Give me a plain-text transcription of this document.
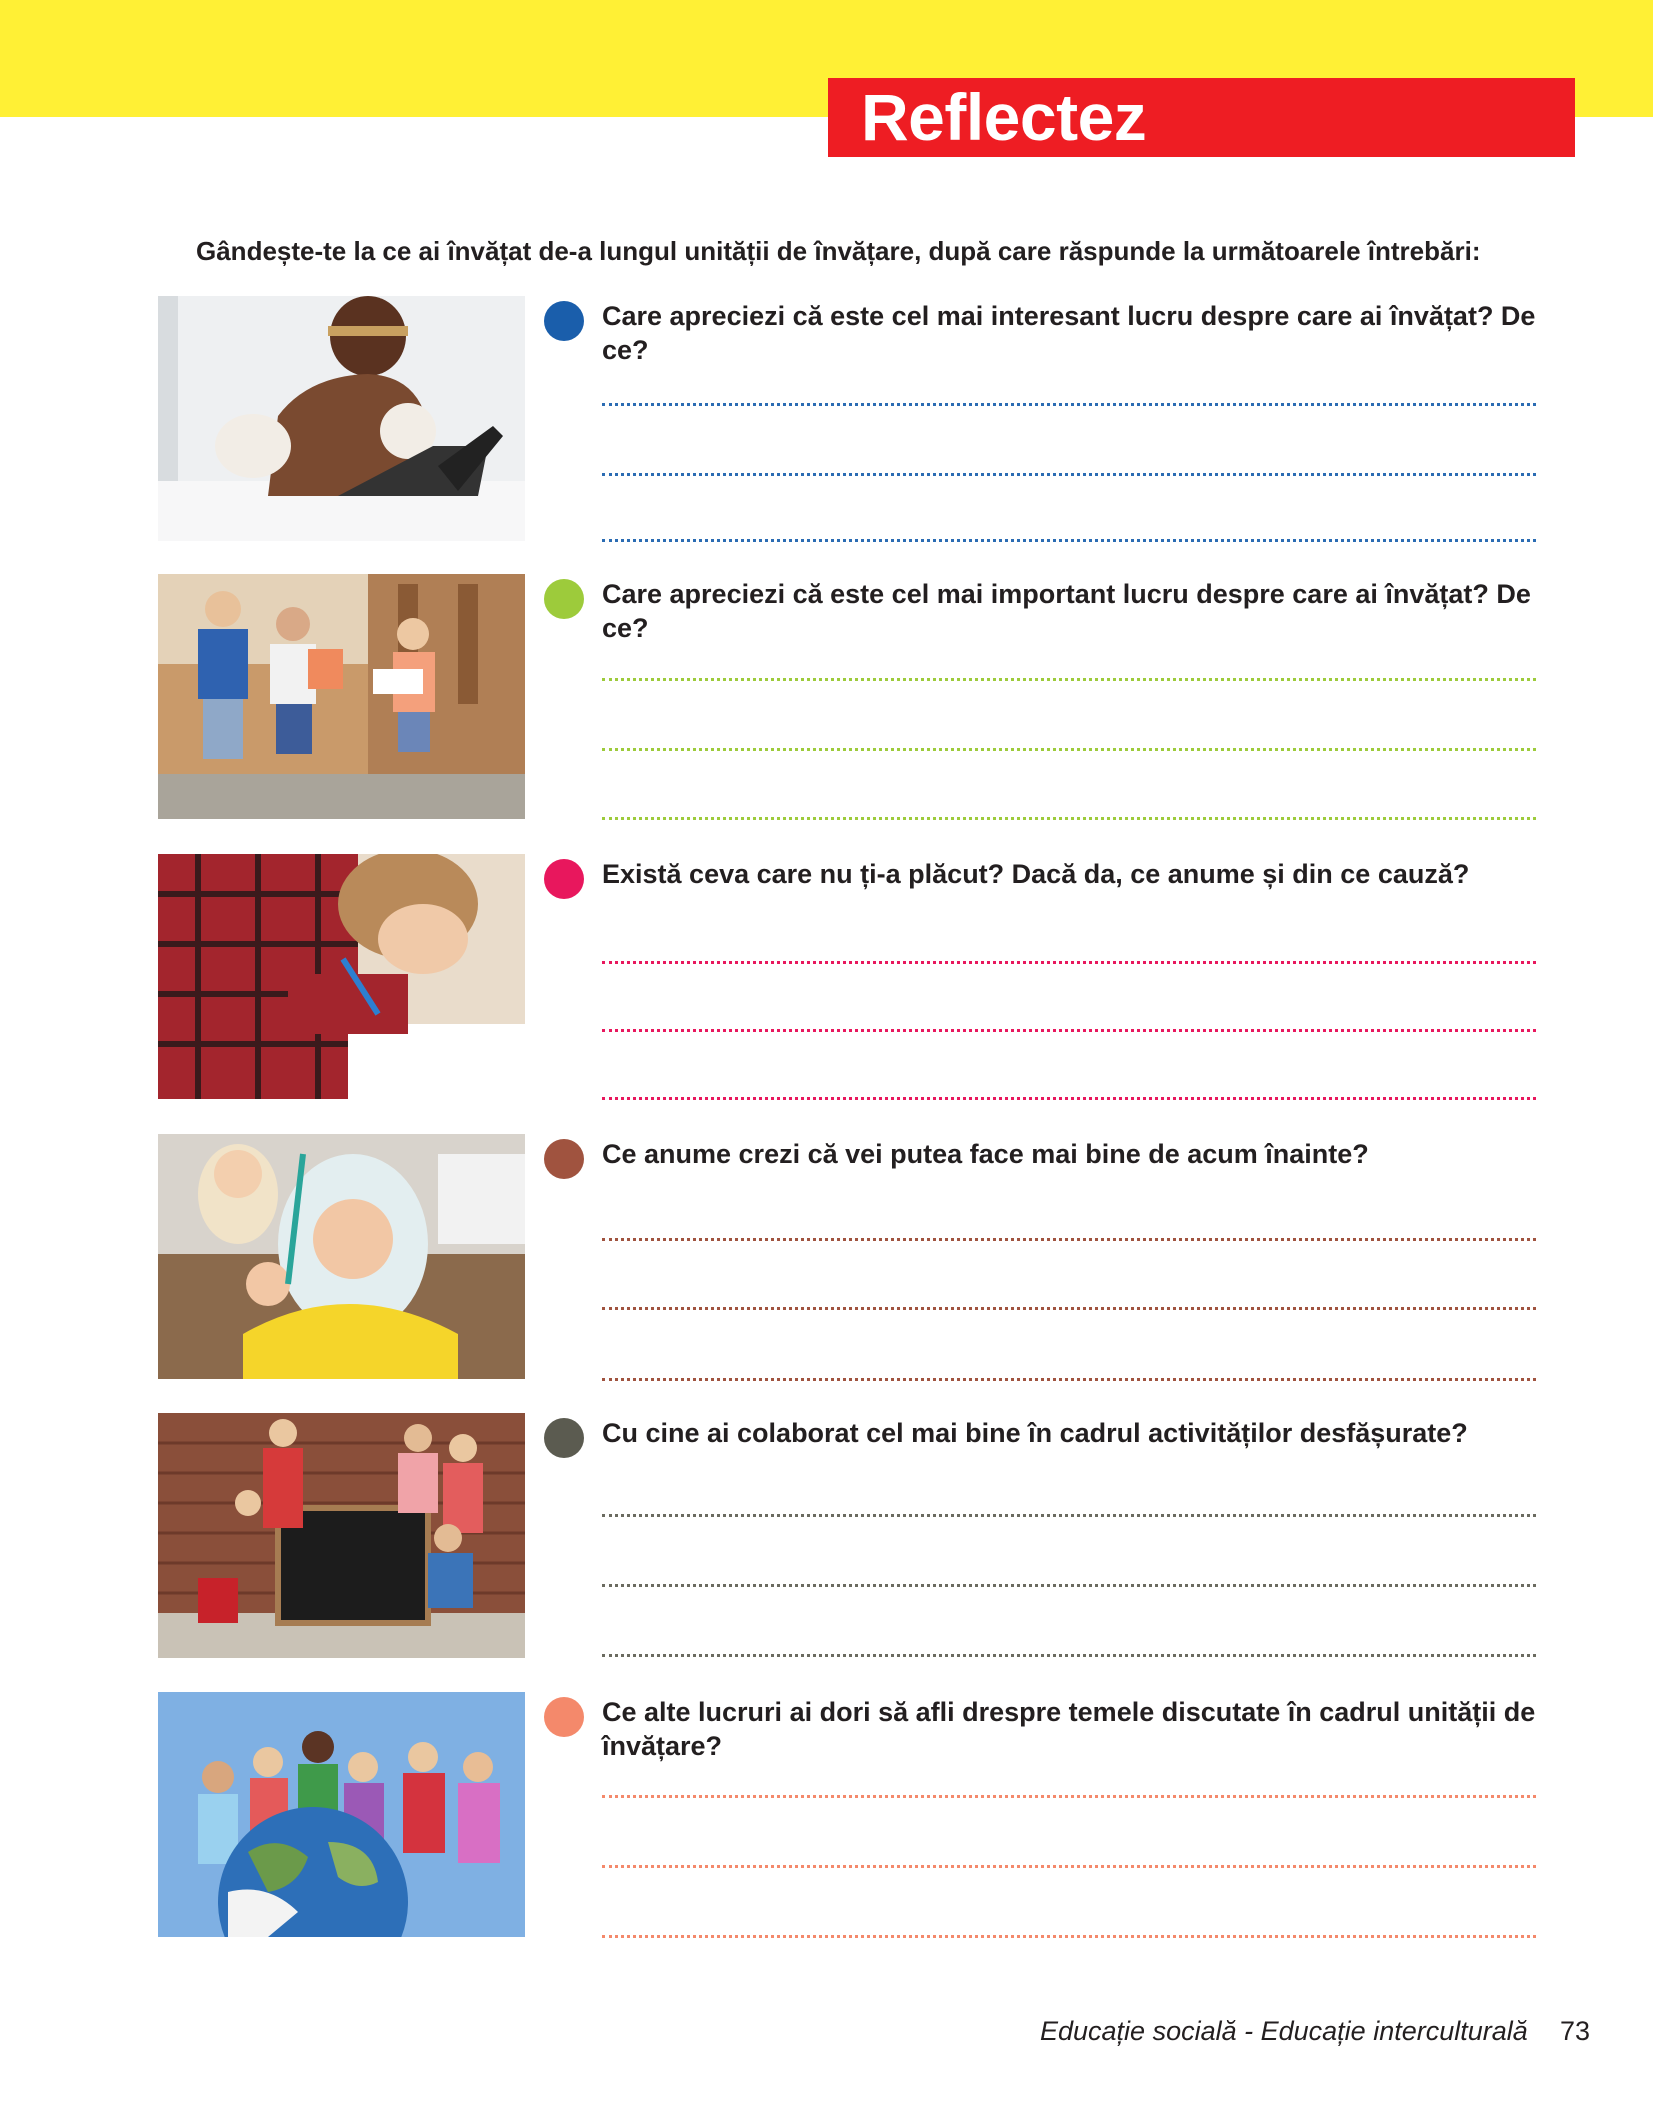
Reflectez
Gândește-te la ce ai învățat de-a lungul unității de învățare, după care răspunde la următoarele întrebări:
Care apreciezi că este cel mai interesant lucru despre care ai învățat? De ce?
Care apreciezi că este cel mai important lucru despre care ai învățat? De ce?
Există ceva care nu ți-a plăcut? Dacă da, ce anume și din ce cauză?
Ce anume crezi că vei putea face mai bine de acum înainte?
Cu cine ai colaborat cel mai bine în cadrul activităților desfășurate?
Ce alte lucruri ai dori să afli drespre temele discutate în cadrul unității de învățare?
Educație socială - Educație interculturală 73
